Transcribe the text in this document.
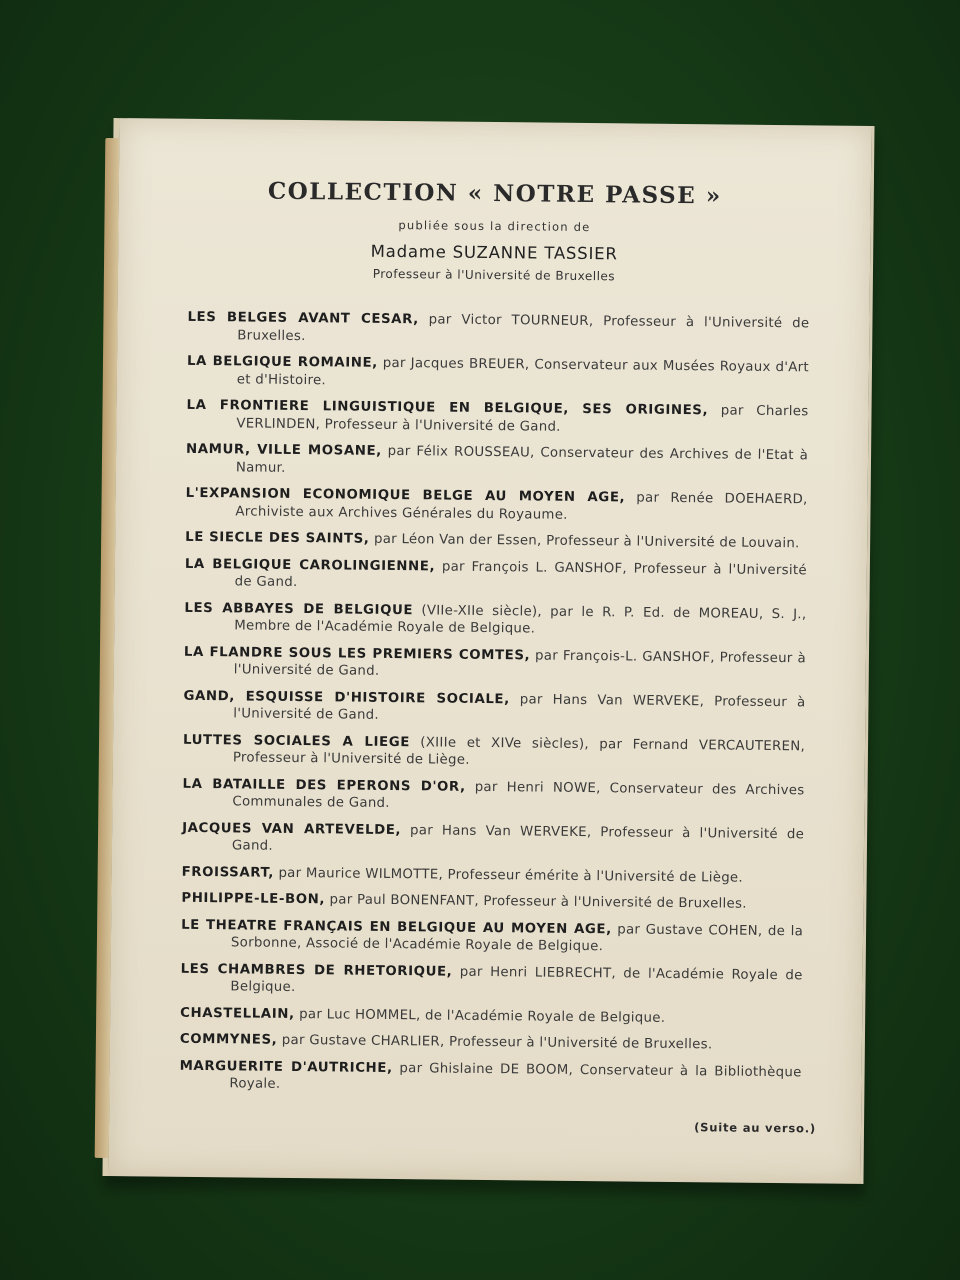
COLLECTION « NOTRE PASSE »
publiée sous la direction de
Madame SUZANNE TASSIER
Professeur à l'Université de Bruxelles
LES BELGES AVANT CESAR, par Victor TOURNEUR, Professeur à l'Université de Bruxelles.
LA BELGIQUE ROMAINE, par Jacques BREUER, Conservateur aux Musées Royaux d'Art et d'Histoire.
LA FRONTIERE LINGUISTIQUE EN BELGIQUE, SES ORIGINES, par Charles VERLINDEN, Professeur à l'Université de Gand.
NAMUR, VILLE MOSANE, par Félix ROUSSEAU, Conservateur des Archives de l'Etat à Namur.
L'EXPANSION ECONOMIQUE BELGE AU MOYEN AGE, par Renée DOEHAERD, Archiviste aux Archives Générales du Royaume.
LE SIECLE DES SAINTS, par Léon Van der Essen, Professeur à l'Université de Louvain.
LA BELGIQUE CAROLINGIENNE, par François L. GANSHOF, Professeur à l'Université de Gand.
LES ABBAYES DE BELGIQUE (VIIe-XIIe siècle), par le R. P. Ed. de MOREAU, S. J., Membre de l'Académie Royale de Belgique.
LA FLANDRE SOUS LES PREMIERS COMTES, par François-L. GANSHOF, Professeur à l'Université de Gand.
GAND, ESQUISSE D'HISTOIRE SOCIALE, par Hans Van WERVEKE, Professeur à l'Université de Gand.
LUTTES SOCIALES A LIEGE (XIIIe et XIVe siècles), par Fernand VERCAUTEREN, Professeur à l'Université de Liège.
LA BATAILLE DES EPERONS D'OR, par Henri NOWE, Conservateur des Archives Communales de Gand.
JACQUES VAN ARTEVELDE, par Hans Van WERVEKE, Professeur à l'Université de Gand.
FROISSART, par Maurice WILMOTTE, Professeur émérite à l'Université de Liège.
PHILIPPE-LE-BON, par Paul BONENFANT, Professeur à l'Université de Bruxelles.
LE THEATRE FRANÇAIS EN BELGIQUE AU MOYEN AGE, par Gustave COHEN, de la Sorbonne, Associé de l'Académie Royale de Belgique.
LES CHAMBRES DE RHETORIQUE, par Henri LIEBRECHT, de l'Académie Royale de Belgique.
CHASTELLAIN, par Luc HOMMEL, de l'Académie Royale de Belgique.
COMMYNES, par Gustave CHARLIER, Professeur à l'Université de Bruxelles.
MARGUERITE D'AUTRICHE, par Ghislaine DE BOOM, Conservateur à la Bibliothèque Royale.
(Suite au verso.)
